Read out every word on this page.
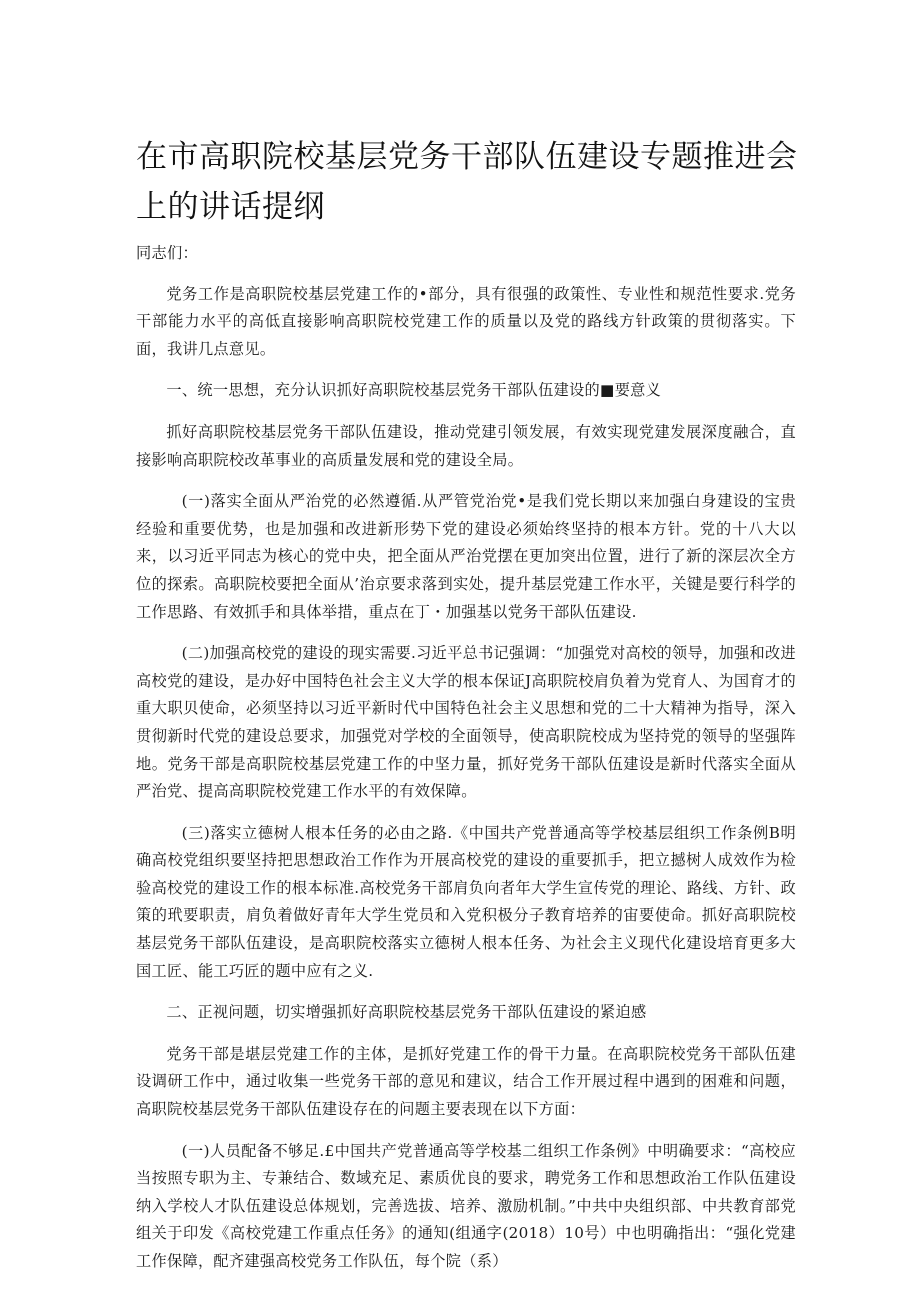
在市高职院校基层党务干部队伍建设专题推进会上的讲话提纲

同志们：

党务工作是高职院校基层党建工作的•部分，具有很强的政策性、专业性和规范性要求.党务干部能力水平的高低直接影响高职院校党建工作的质量以及党的路线方针政策的贯彻落实。下面，我讲几点意见。

一、统一思想，充分认识抓好高职院校基层党务干部队伍建设的■要意义

抓好高职院校基层党务干部队伍建设，推动党建引领发展，有效实现党建发展深度融合，直接影响高职院校改革事业的高质量发展和党的建设全局。

(一)落实全面从严治党的必然遵循.从严管党治党•是我们党长期以来加强白身建设的宝贵经验和重要优势，也是加强和改进新形势下党的建设必须始终坚持的根本方针。党的十八大以来，以习近平同志为核心的党中央，把全面从严治党摆在更加突出位置，进行了新的深层次全方位的探索。高职院校要把全面从’治京要求落到实处，提升基层党建工作水平，关键是要行科学的工作思路、有效抓手和具体举措，重点在丁・加强基以党务干部队伍建设.

(二)加强高校党的建设的现实需要.习近平总书记强调：“加强党对高校的领导，加强和改进高校党的建设，是办好中国特色社会主义大学的根本保证J高职院校肩负着为党育人、为国育才的重大职贝使命，必须坚持以习近平新时代中国特色社会主义思想和党的二十大精神为指导，深入贯彻新时代党的建设总要求，加强党对学校的全面领导，使高职院校成为坚持党的领导的坚强阵地。党务干部是高职院校基层党建工作的中坚力量，抓好党务干部队伍建设是新时代落实全面从严治党、提高高职院校党建工作水平的有效保障。

(三)落实立德树人根本任务的必由之路.《中国共产党普通高等学校基层组织工作条例B明确高校党组织要坚持把思想政治工作作为开展高校党的建设的重要抓手，把立撼树人成效作为检验高校党的建设工作的根本标准.高校党务干部肩负向者年大学生宣传党的理论、路线、方针、政策的玳要职责，肩负着做好青年大学生党员和入党积极分子教育培养的宙要使命。抓好高职院校基层党务干部队伍建设，是高职院校落实立德树人根本任务、为社会主义现代化建设培育更多大国工匠、能工巧匠的题中应有之义.

二、正视问题，切实增强抓好高职院校基层党务干部队伍建设的紧迫感

党务干部是堪层党建工作的主体，是抓好党建工作的骨干力量。在高职院校党务干部队伍建设调研工作中，通过收集一些党务干部的意见和建议，结合工作开展过程中遇到的困难和问题，高职院校基层党务干部队伍建设存在的问题主要表现在以下方面：

(一)人员配备不够足.£中国共产党普通高等学校基二组织工作条例》中明确要求：“高校应当按照专职为主、专兼结合、数域充足、素质优良的要求，聘党务工作和思想政治工作队伍建设纳入学校人才队伍建设总体规划，完善选拔、培养、激励机制。”中共中央组织部、中共教育部党组关于印发《高校党建工作重点任务》的通知(组通字(2018）10号）中也明确指出：“强化党建工作保障，配齐建强高校党务工作队伍，每个院（系）
